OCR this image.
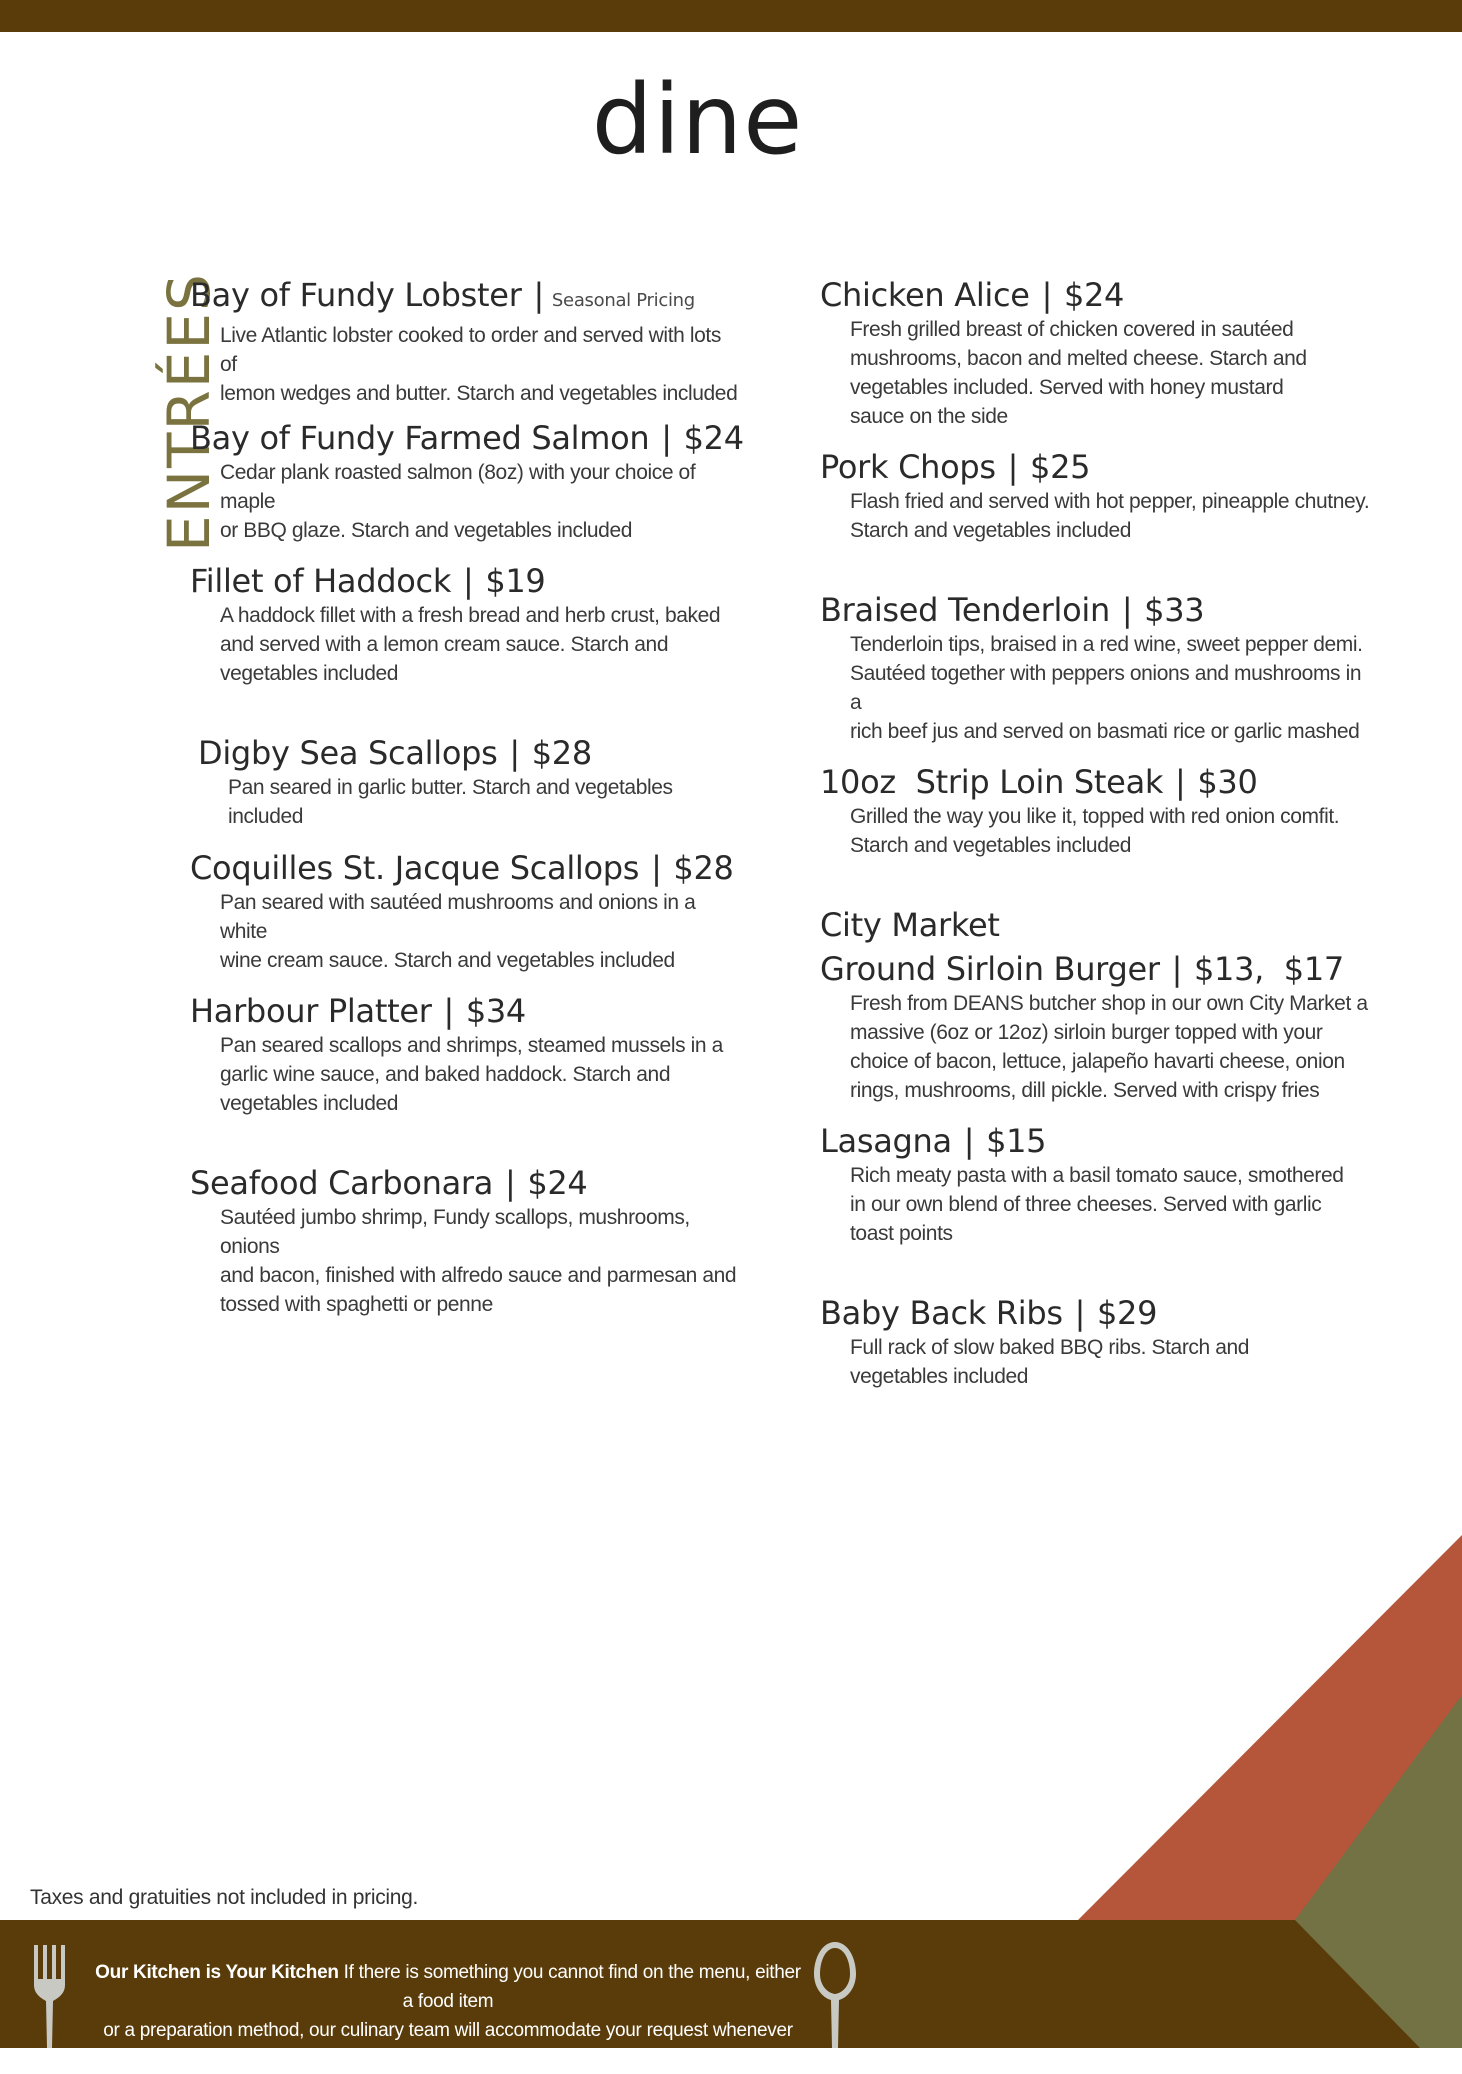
dine
ENTRÉES
Bay of Fundy Lobster | Seasonal Pricing
Live Atlantic lobster cooked to order and served with lots of
lemon wedges and butter. Starch and vegetables included
Bay of Fundy Farmed Salmon | $24
Cedar plank roasted salmon (8oz) with your choice of maple
or BBQ glaze. Starch and vegetables included
Fillet of Haddock | $19
A haddock fillet with a fresh bread and herb crust, baked
and served with a lemon cream sauce. Starch and
vegetables included
Digby Sea Scallops | $28
Pan seared in garlic butter. Starch and vegetables included
Coquilles St. Jacque Scallops | $28
Pan seared with sautéed mushrooms and onions in a white
wine cream sauce. Starch and vegetables included
Harbour Platter | $34
Pan seared scallops and shrimps, steamed mussels in a
garlic wine sauce, and baked haddock. Starch and
vegetables included
Seafood Carbonara | $24
Sautéed jumbo shrimp, Fundy scallops, mushrooms, onions
and bacon, finished with alfredo sauce and parmesan and
tossed with spaghetti or penne
Chicken Alice | $24
Fresh grilled breast of chicken covered in sautéed
mushrooms, bacon and melted cheese. Starch and
vegetables included. Served with honey mustard
sauce on the side
Pork Chops | $25
Flash fried and served with hot pepper, pineapple chutney.
Starch and vegetables included
Braised Tenderloin | $33
Tenderloin tips, braised in a red wine, sweet pepper demi.
Sautéed together with peppers onions and mushrooms in a
rich beef jus and served on basmati rice or garlic mashed
10oz  Strip Loin Steak | $30
Grilled the way you like it, topped with red onion comfit.
Starch and vegetables included
City Market
Ground Sirloin Burger | $13,  $17
Fresh from DEANS butcher shop in our own City Market a
massive (6oz or 12oz) sirloin burger topped with your
choice of bacon, lettuce, jalapeño havarti cheese, onion
rings, mushrooms, dill pickle. Served with crispy fries
Lasagna | $15
Rich meaty pasta with a basil tomato sauce, smothered
in our own blend of three cheeses. Served with garlic
toast points
Baby Back Ribs | $29
Full rack of slow baked BBQ ribs. Starch and
vegetables included
Taxes and gratuities not included in pricing.
Our Kitchen is Your Kitchen If there is something you cannot find on the menu, either a food item
or a preparation method, our culinary team will accommodate your request whenever possible.
